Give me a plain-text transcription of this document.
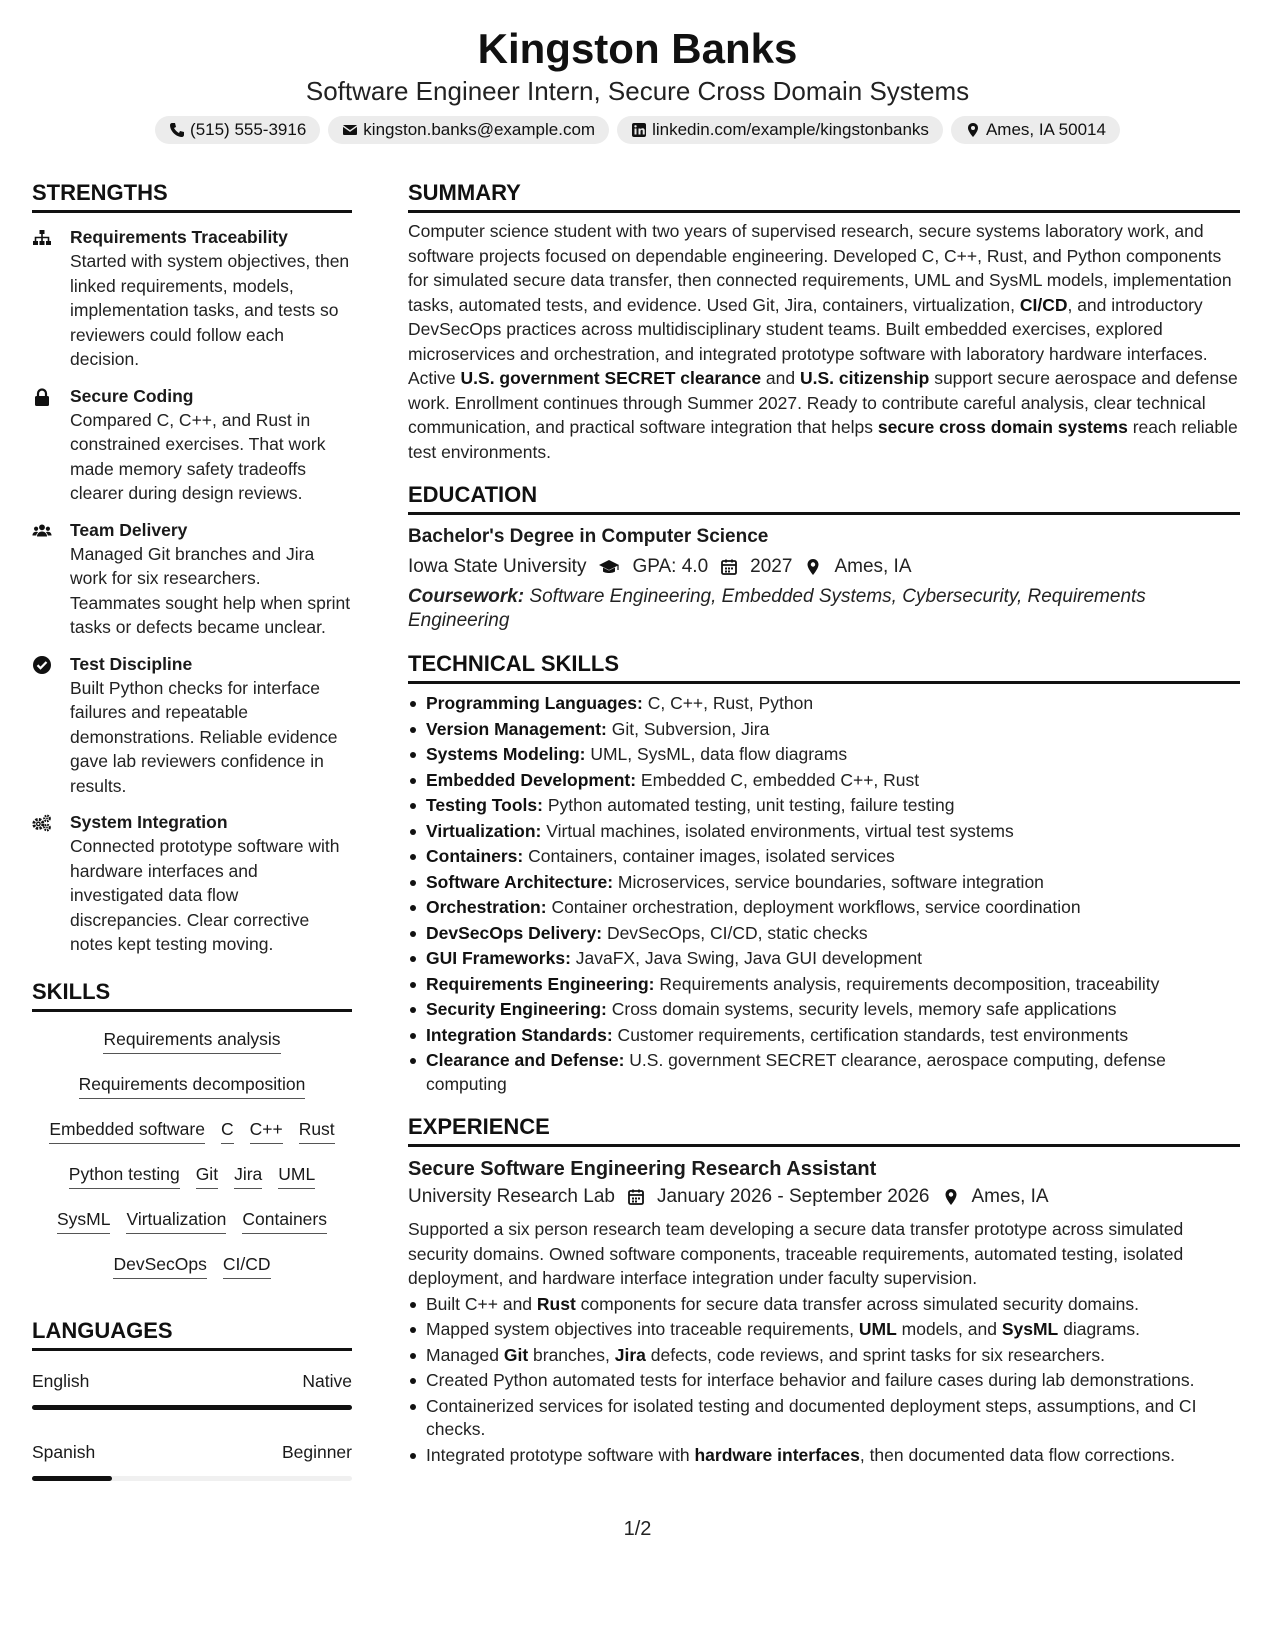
Kingston Banks
Software Engineer Intern, Secure Cross Domain Systems
(515) 555-3916	kingston.banks@example.com	linkedin.com/example/kingstonbanks	Ames, IA 50014
STRENGTHS
Requirements Traceability
Started with system objectives, then linked requirements, models, implementation tasks, and tests so reviewers could follow each decision.
Secure Coding
Compared C, C++, and Rust in constrained exercises. That work made memory safety tradeoffs clearer during design reviews.
Team Delivery
Managed Git branches and Jira work for six researchers. Teammates sought help when sprint tasks or defects became unclear.
Test Discipline
Built Python checks for interface failures and repeatable demonstrations. Reliable evidence gave lab reviewers confidence in results.
System Integration
Connected prototype software with hardware interfaces and investigated data flow discrepancies. Clear corrective notes kept testing moving.
SKILLS
Requirements analysis
Requirements decomposition
Embedded software C C++ Rust
Python testing Git Jira UML
SysML Virtualization Containers
DevSecOps CI/CD
LANGUAGES
English	Native
Spanish	Beginner
SUMMARY
Computer science student with two years of supervised research, secure systems laboratory work, and software projects focused on dependable engineering. Developed C, C++, Rust, and Python components for simulated secure data transfer, then connected requirements, UML and SysML models, implementation tasks, automated tests, and evidence. Used Git, Jira, containers, virtualization, CI/CD, and introductory DevSecOps practices across multidisciplinary student teams. Built embedded exercises, explored microservices and orchestration, and integrated prototype software with laboratory hardware interfaces. Active U.S. government SECRET clearance and U.S. citizenship support secure aerospace and defense work. Enrollment continues through Summer 2027. Ready to contribute careful analysis, clear technical communication, and practical software integration that helps secure cross domain systems reach reliable test environments.
EDUCATION
Bachelor's Degree in Computer Science
Iowa State University GPA: 4.0 2027 Ames, IA
Coursework: Software Engineering, Embedded Systems, Cybersecurity, Requirements Engineering
TECHNICAL SKILLS
Programming Languages: C, C++, Rust, Python
Version Management: Git, Subversion, Jira
Systems Modeling: UML, SysML, data flow diagrams
Embedded Development: Embedded C, embedded C++, Rust
Testing Tools: Python automated testing, unit testing, failure testing
Virtualization: Virtual machines, isolated environments, virtual test systems
Containers: Containers, container images, isolated services
Software Architecture: Microservices, service boundaries, software integration
Orchestration: Container orchestration, deployment workflows, service coordination
DevSecOps Delivery: DevSecOps, CI/CD, static checks
GUI Frameworks: JavaFX, Java Swing, Java GUI development
Requirements Engineering: Requirements analysis, requirements decomposition, traceability
Security Engineering: Cross domain systems, security levels, memory safe applications
Integration Standards: Customer requirements, certification standards, test environments
Clearance and Defense: U.S. government SECRET clearance, aerospace computing, defense computing
EXPERIENCE
Secure Software Engineering Research Assistant
University Research Lab January 2026 - September 2026 Ames, IA
Supported a six person research team developing a secure data transfer prototype across simulated security domains. Owned software components, traceable requirements, automated testing, isolated deployment, and hardware interface integration under faculty supervision.
Built C++ and Rust components for secure data transfer across simulated security domains.
Mapped system objectives into traceable requirements, UML models, and SysML diagrams.
Managed Git branches, Jira defects, code reviews, and sprint tasks for six researchers.
Created Python automated tests for interface behavior and failure cases during lab demonstrations.
Containerized services for isolated testing and documented deployment steps, assumptions, and CI checks.
Integrated prototype software with hardware interfaces, then documented data flow corrections.
1/2
